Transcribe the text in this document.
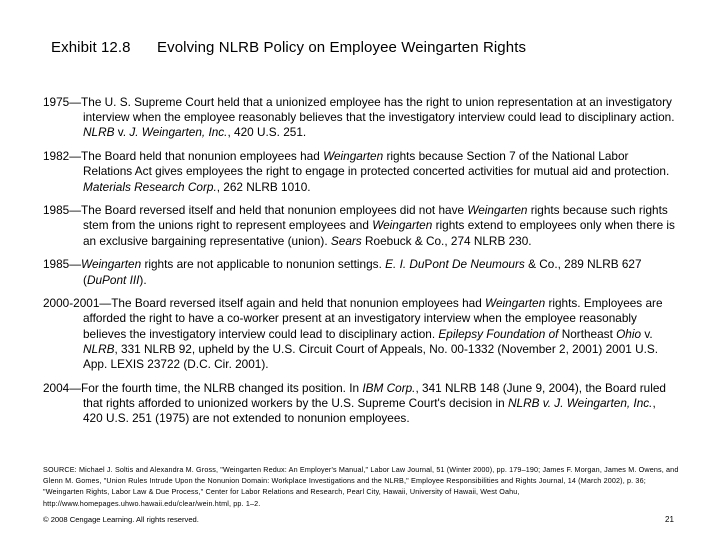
Exhibit 12.8 Evolving NLRB Policy on Employee Weingarten Rights
1975—The U. S. Supreme Court held that a unionized employee has the right to union representation at an investigatory interview when the employee reasonably believes that the investigatory interview could lead to disciplinary action. NLRB v. J. Weingarten, Inc., 420 U.S. 251.
1982—The Board held that nonunion employees had Weingarten rights because Section 7 of the National Labor Relations Act gives employees the right to engage in protected concerted activities for mutual aid and protection. Materials Research Corp., 262 NLRB 1010.
1985—The Board reversed itself and held that nonunion employees did not have Weingarten rights because such rights stem from the unions right to represent employees and Weingarten rights extend to employees only when there is an exclusive bargaining representative (union). Sears Roebuck & Co., 274 NLRB 230.
1985—Weingarten rights are not applicable to nonunion settings. E. I. DuPont De Neumours & Co., 289 NLRB 627 (DuPont III).
2000-2001—The Board reversed itself again and held that nonunion employees had Weingarten rights. Employees are afforded the right to have a co-worker present at an investigatory interview when the employee reasonably believes the investigatory interview could lead to disciplinary action. Epilepsy Foundation of Northeast Ohio v. NLRB, 331 NLRB 92, upheld by the U.S. Circuit Court of Appeals, No. 00-1332 (November 2, 2001) 2001 U.S. App. LEXIS 23722 (D.C. Cir. 2001).
2004—For the fourth time, the NLRB changed its position. In IBM Corp., 341 NLRB 148 (June 9, 2004), the Board ruled that rights afforded to unionized workers by the U.S. Supreme Court's decision in NLRB v. J. Weingarten, Inc., 420 U.S. 251 (1975) are not extended to nonunion employees.
SOURCE: Michael J. Soltis and Alexandra M. Gross, "Weingarten Redux: An Employer's Manual," Labor Law Journal, 51 (Winter 2000), pp. 179–190; James F. Morgan, James M. Owens, and Glenn M. Gomes, "Union Rules Intrude Upon the Nonunion Domain: Workplace Investigations and the NLRB," Employee Responsibilities and Rights Journal, 14 (March 2002), p. 36; "Weingarten Rights, Labor Law & Due Process," Center for Labor Relations and Research, Pearl City, Hawaii, University of Hawaii, West Oahu, http://www.homepages.uhwo.hawaii.edu/clear/wein.html, pp. 1–2.
© 2008 Cengage Learning. All rights reserved.	21
